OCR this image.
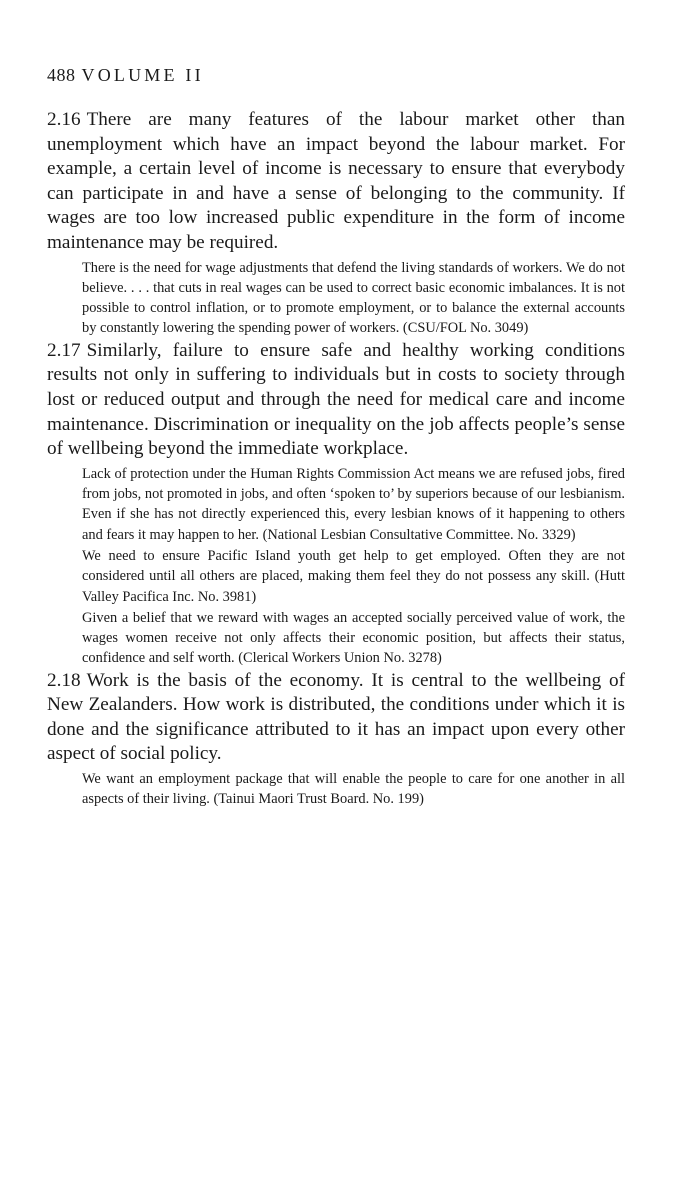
488 VOLUME II

2.16 There are many features of the labour market other than unemployment which have an impact beyond the labour market. For example, a certain level of income is necessary to ensure that everybody can participate in and have a sense of belonging to the community. If wages are too low increased public expenditure in the form of income maintenance may be required.

There is the need for wage adjustments that defend the living standards of workers. We do not believe. . . . that cuts in real wages can be used to correct basic economic imbalances. It is not possible to control inflation, or to promote employment, or to balance the external accounts by constantly lowering the spending power of workers. (CSU/FOL No. 3049)

2.17 Similarly, failure to ensure safe and healthy working conditions results not only in suffering to individuals but in costs to society through lost or reduced output and through the need for medical care and income maintenance. Discrimination or inequality on the job affects people’s sense of wellbeing beyond the immediate workplace.

Lack of protection under the Human Rights Commission Act means we are refused jobs, fired from jobs, not promoted in jobs, and often ‘spoken to’ by superiors because of our lesbianism. Even if she has not directly experienced this, every lesbian knows of it happening to others and fears it may happen to her. (National Lesbian Consultative Committee. No. 3329)

We need to ensure Pacific Island youth get help to get employed. Often they are not considered until all others are placed, making them feel they do not possess any skill. (Hutt Valley Pacifica Inc. No. 3981)

Given a belief that we reward with wages an accepted socially perceived value of work, the wages women receive not only affects their economic position, but affects their status, confidence and self worth. (Clerical Workers Union No. 3278)

2.18 Work is the basis of the economy. It is central to the wellbeing of New Zealanders. How work is distributed, the conditions under which it is done and the significance attributed to it has an impact upon every other aspect of social policy.

We want an employment package that will enable the people to care for one another in all aspects of their living. (Tainui Maori Trust Board. No. 199)
